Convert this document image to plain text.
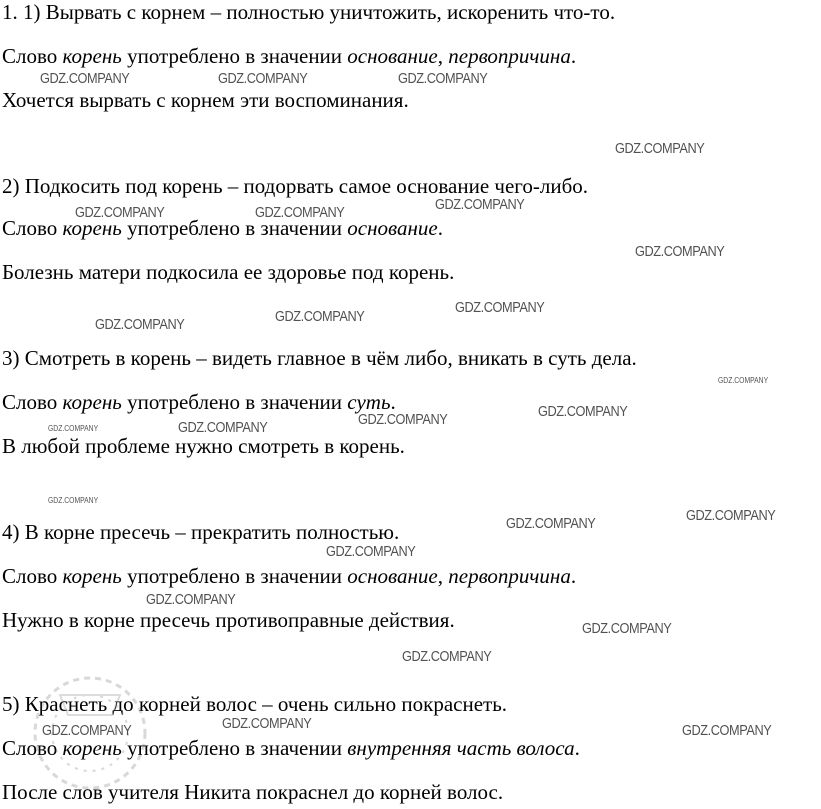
1. 1) Вырвать с корнем – полностью уничтожить, искоренить что-то.
Слово корень употреблено в значении основание, первопричина.
Хочется вырвать с корнем эти воспоминания.
2) Подкосить под корень – подорвать самое основание чего-либо.
Слово корень употреблено в значении основание.
Болезнь матери подкосила ее здоровье под корень.
3) Смотреть в корень – видеть главное в чём либо, вникать в суть дела.
Слово корень употреблено в значении суть.
В любой проблеме нужно смотреть в корень.
4) В корне пресечь – прекратить полностью.
Слово корень употреблено в значении основание, первопричина.
Нужно в корне пресечь противоправные действия.
5) Краснеть до корней волос – очень сильно покраснеть.
Слово корень употреблено в значении внутренняя часть волоса.
После слов учителя Никита покраснел до корней волос.
GDZ.COMPANY	GDZ.COMPANY	GDZ.COMPANY
GDZ.COMPANY
GDZ.COMPANY	GDZ.COMPANY	GDZ.COMPANY
GDZ.COMPANY
GDZ.COMPANY
GDZ.COMPANY
GDZ.COMPANY
GDZ.COMPANY
GDZ.COMPANY
GDZ.COMPANY
GDZ.COMPANY
GDZ.COMPANY
GDZ.COMPANY
GDZ.COMPANY
GDZ.COMPANY
GDZ.COMPANY
GDZ.COMPANY
GDZ.COMPANY
GDZ.COMPANY
GDZ.COMPANY
GDZ.COMPANY	GDZ.COMPANY
